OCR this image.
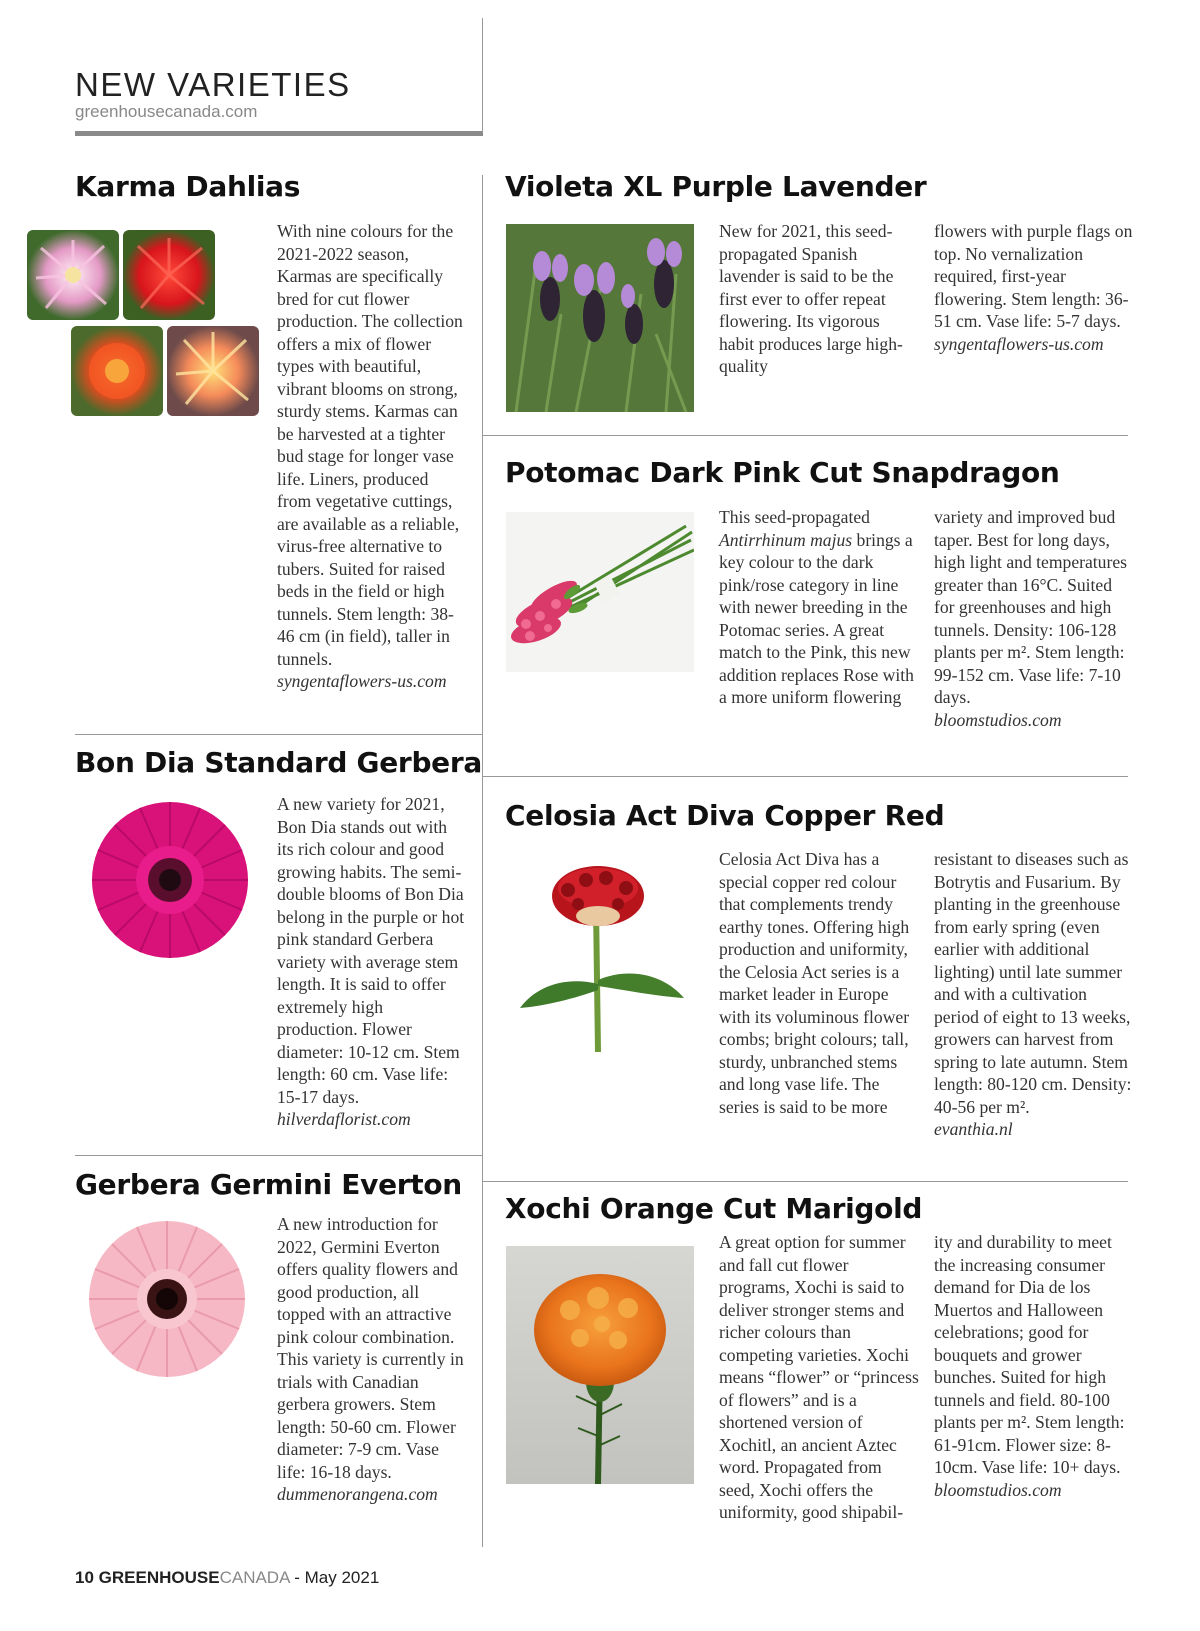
NEW VARIETIES
greenhousecanada.com
Karma Dahlias
With nine colours for the 2021-2022 season, Karmas are specifically bred for cut flower production. The collection offers a mix of flower types with beautiful, vibrant blooms on strong, sturdy stems. Karmas can be harvested at a tighter bud stage for longer vase life. Liners, produced from vegetative cuttings, are available as a reliable, virus-free alternative to tubers. Suited for raised beds in the field or high tunnels. Stem length: 38-46 cm (in field), taller in tunnels.
syngentaflowers-us.com
Bon Dia Standard Gerbera
A new variety for 2021, Bon Dia stands out with its rich colour and good growing habits. The semi-double blooms of Bon Dia belong in the purple or hot pink standard Gerbera variety with average stem length. It is said to offer extremely high production. Flower diameter: 10-12 cm. Stem length: 60 cm. Vase life: 15-17 days.
hilverdaflorist.com
Gerbera Germini Everton
A new introduction for 2022, Germini Everton offers quality flowers and good production, all topped with an attractive pink colour combination. This variety is currently in trials with Canadian gerbera growers. Stem length: 50-60 cm. Flower diameter: 7-9 cm. Vase life: 16-18 days.
dummenorangena.com
Violeta XL Purple Lavender
New for 2021, this seed-propagated Spanish lavender is said to be the first ever to offer repeat flowering. Its vigorous habit produces large high-quality
flowers with purple flags on top. No vernalization required, first-year flowering. Stem length: 36-51 cm. Vase life: 5-7 days.
syngentaflowers-us.com
Potomac Dark Pink Cut Snapdragon
This seed-propagated Antirrhinum majus brings a key colour to the dark pink/rose category in line with newer breeding in the Potomac series. A great match to the Pink, this new addition replaces Rose with a more uniform flowering
variety and improved bud taper. Best for long days, high light and temperatures greater than 16°C. Suited for greenhouses and high tunnels. Density: 106-128 plants per m². Stem length: 99-152 cm. Vase life: 7-10 days.
bloomstudios.com
Celosia Act Diva Copper Red
Celosia Act Diva has a special copper red colour that complements trendy earthy tones. Offering high production and uniformity, the Celosia Act series is a market leader in Europe with its voluminous flower combs; bright colours; tall, sturdy, unbranched stems and long vase life. The series is said to be more
resistant to diseases such as Botrytis and Fusarium. By planting in the greenhouse from early spring (even earlier with additional lighting) until late summer and with a cultivation period of eight to 13 weeks, growers can harvest from spring to late autumn. Stem length: 80-120 cm. Density: 40-56 per m².
evanthia.nl
Xochi Orange Cut Marigold
A great option for summer and fall cut flower programs, Xochi is said to deliver stronger stems and richer colours than competing varieties. Xochi means “flower” or “princess of flowers” and is a shortened version of Xochitl, an ancient Aztec word. Propagated from seed, Xochi offers the uniformity, good shipabil-
ity and durability to meet the increasing consumer demand for Dia de los Muertos and Halloween celebrations; good for bouquets and grower bunches. Suited for high tunnels and field. 80-100 plants per m². Stem length: 61-91cm. Flower size: 8-10cm. Vase life: 10+ days.
bloomstudios.com
10 GREENHOUSECANADA - May 2021
